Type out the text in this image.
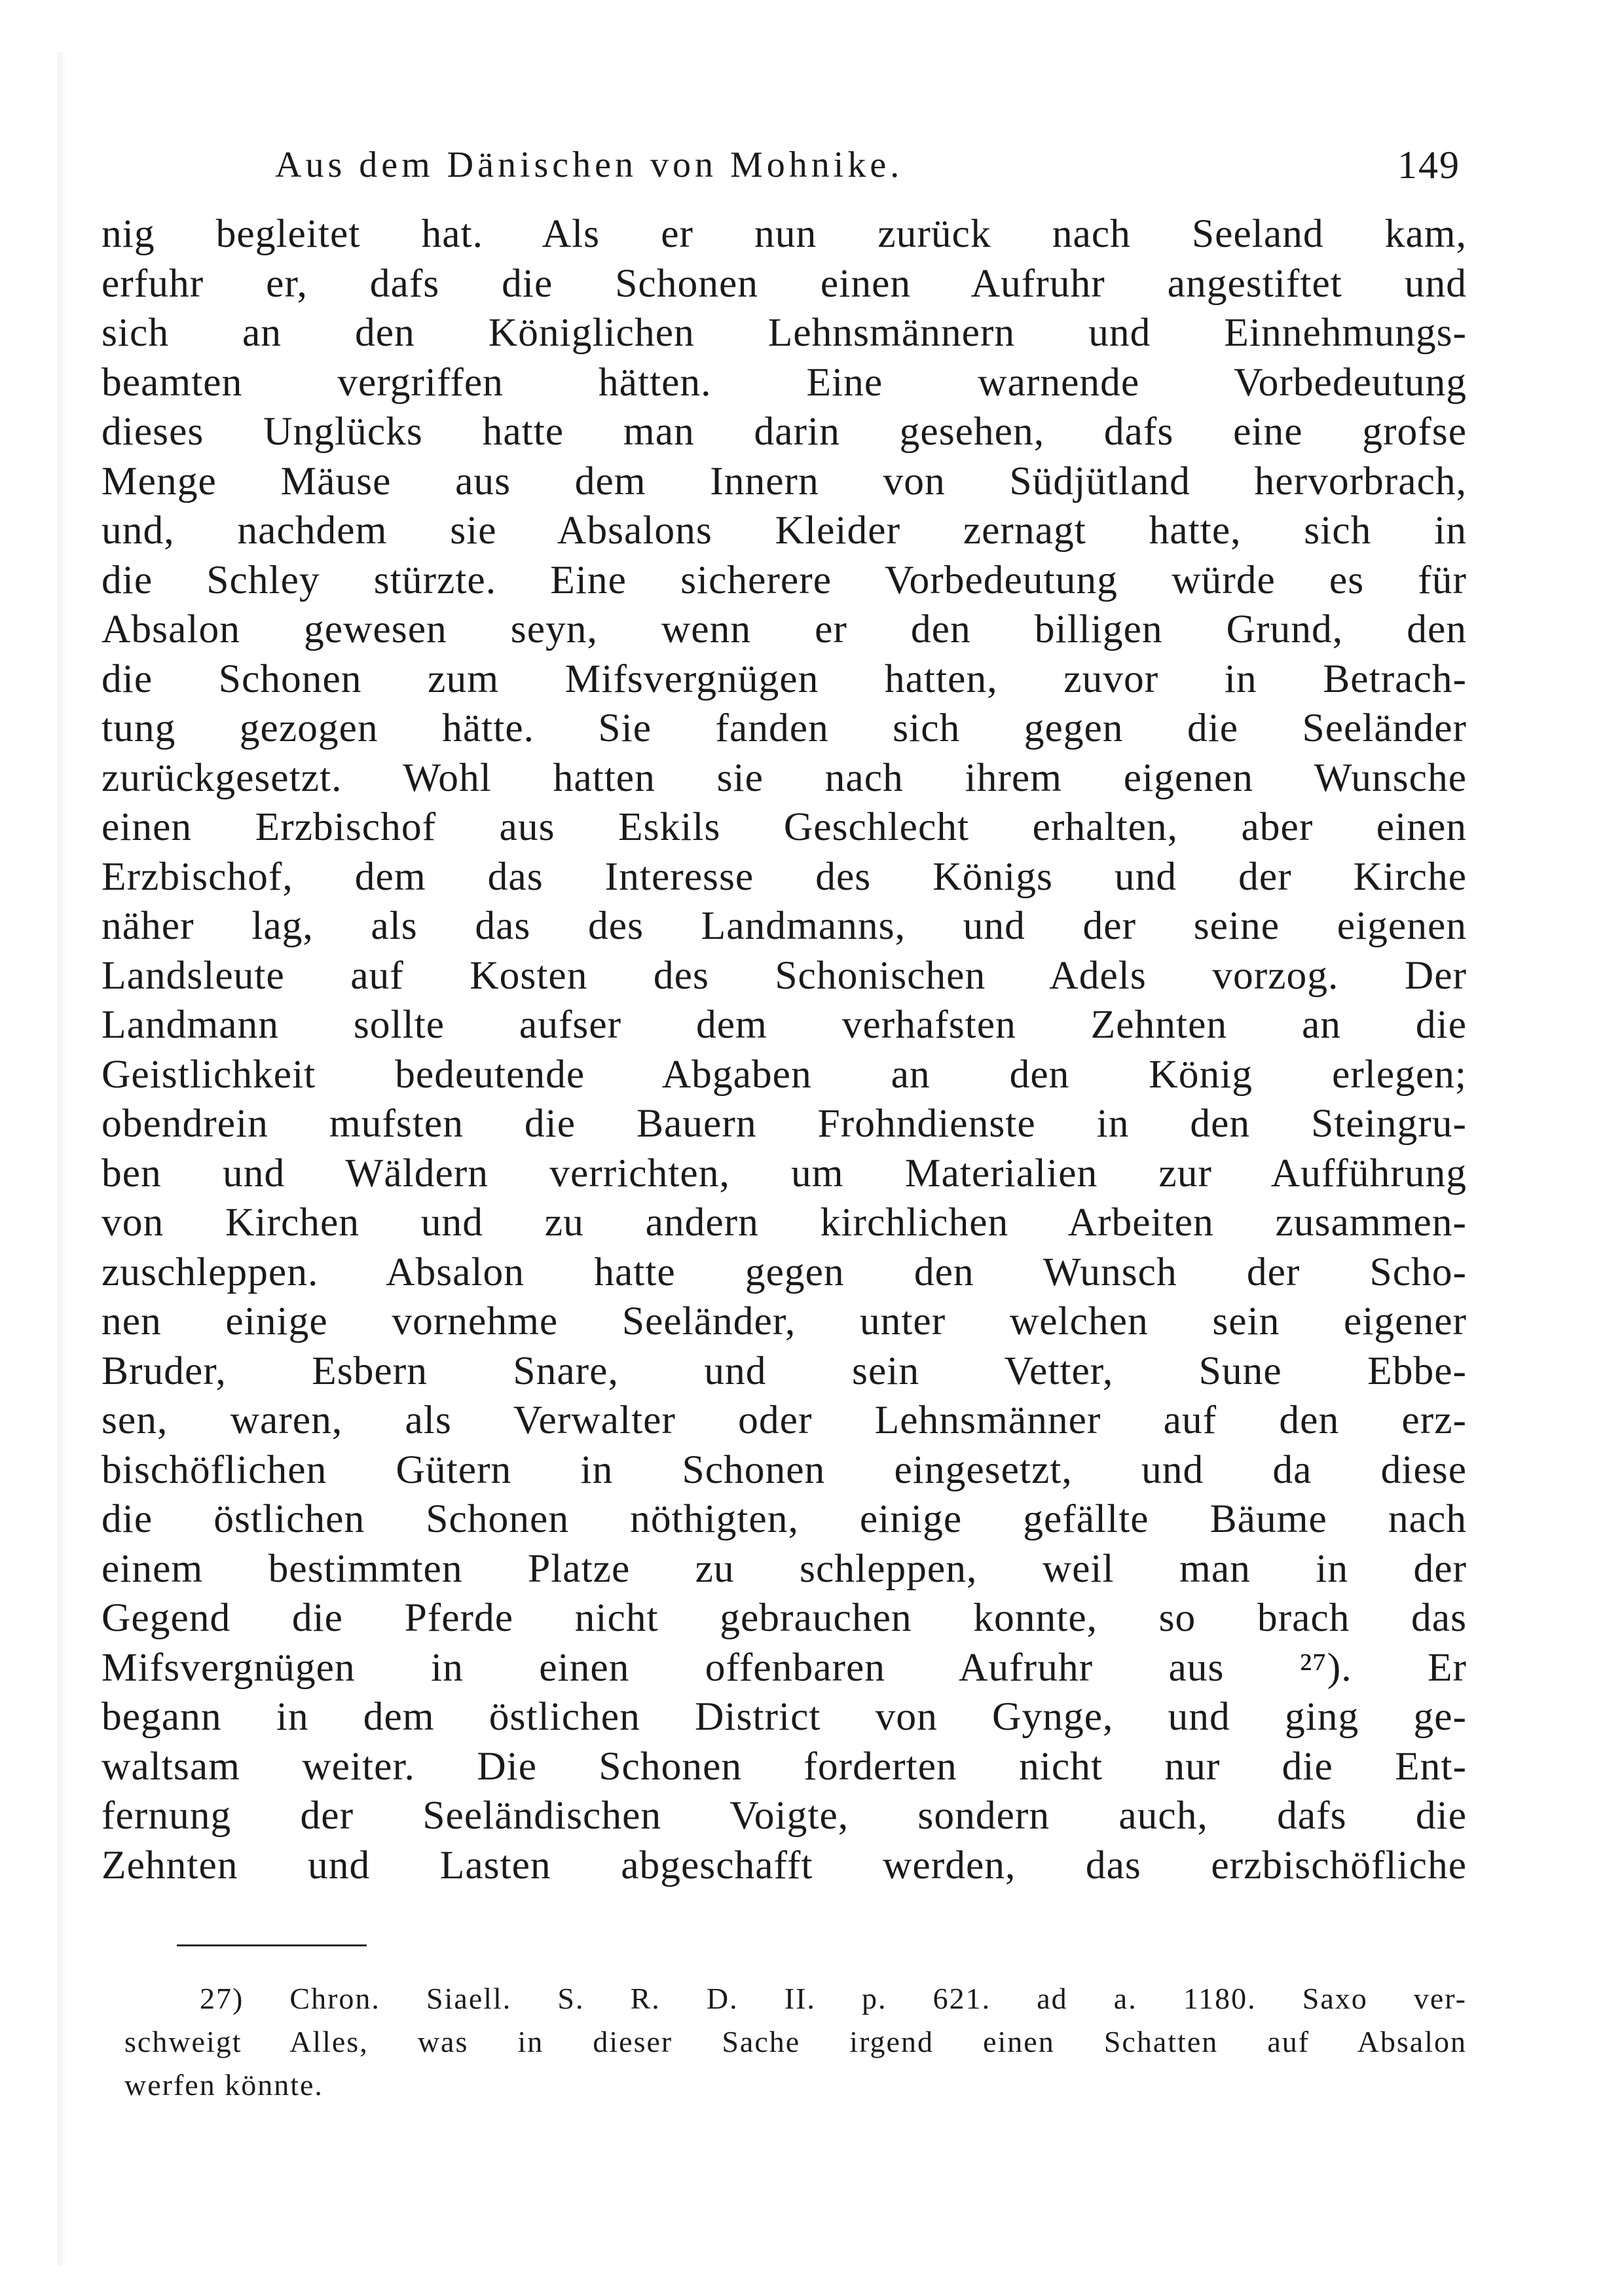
Aus dem Dänischen von Mohnike.	149
nig begleitet hat. Als er nun zurück nach Seeland kam,
erfuhr er, dafs die Schonen einen Aufruhr angestiftet und
sich an den Königlichen Lehnsmännern und Einnehmungs-
beamten vergriffen hätten. Eine warnende Vorbedeutung
dieses Unglücks hatte man darin gesehen, dafs eine grofse
Menge Mäuse aus dem Innern von Südjütland hervorbrach,
und, nachdem sie Absalons Kleider zernagt hatte, sich in
die Schley stürzte. Eine sicherere Vorbedeutung würde es für
Absalon gewesen seyn, wenn er den billigen Grund, den
die Schonen zum Mifsvergnügen hatten, zuvor in Betrach-
tung gezogen hätte. Sie fanden sich gegen die Seeländer
zurückgesetzt. Wohl hatten sie nach ihrem eigenen Wunsche
einen Erzbischof aus Eskils Geschlecht erhalten, aber einen
Erzbischof, dem das Interesse des Königs und der Kirche
näher lag, als das des Landmanns, und der seine eigenen
Landsleute auf Kosten des Schonischen Adels vorzog. Der
Landmann sollte aufser dem verhafsten Zehnten an die
Geistlichkeit bedeutende Abgaben an den König erlegen;
obendrein mufsten die Bauern Frohndienste in den Steingru-
ben und Wäldern verrichten, um Materialien zur Aufführung
von Kirchen und zu andern kirchlichen Arbeiten zusammen-
zuschleppen. Absalon hatte gegen den Wunsch der Scho-
nen einige vornehme Seeländer, unter welchen sein eigener
Bruder, Esbern Snare, und sein Vetter, Sune Ebbe-
sen, waren, als Verwalter oder Lehnsmänner auf den erz-
bischöflichen Gütern in Schonen eingesetzt, und da diese
die östlichen Schonen nöthigten, einige gefällte Bäume nach
einem bestimmten Platze zu schleppen, weil man in der
Gegend die Pferde nicht gebrauchen konnte, so brach das
Mifsvergnügen in einen offenbaren Aufruhr aus ²⁷). Er
begann in dem östlichen District von Gynge, und ging ge-
waltsam weiter. Die Schonen forderten nicht nur die Ent-
fernung der Seeländischen Voigte, sondern auch, dafs die
Zehnten und Lasten abgeschafft werden, das erzbischöfliche
27) Chron. Siaell. S. R. D. II. p. 621. ad a. 1180. Saxo ver-
schweigt Alles, was in dieser Sache irgend einen Schatten auf Absalon
werfen könnte.
